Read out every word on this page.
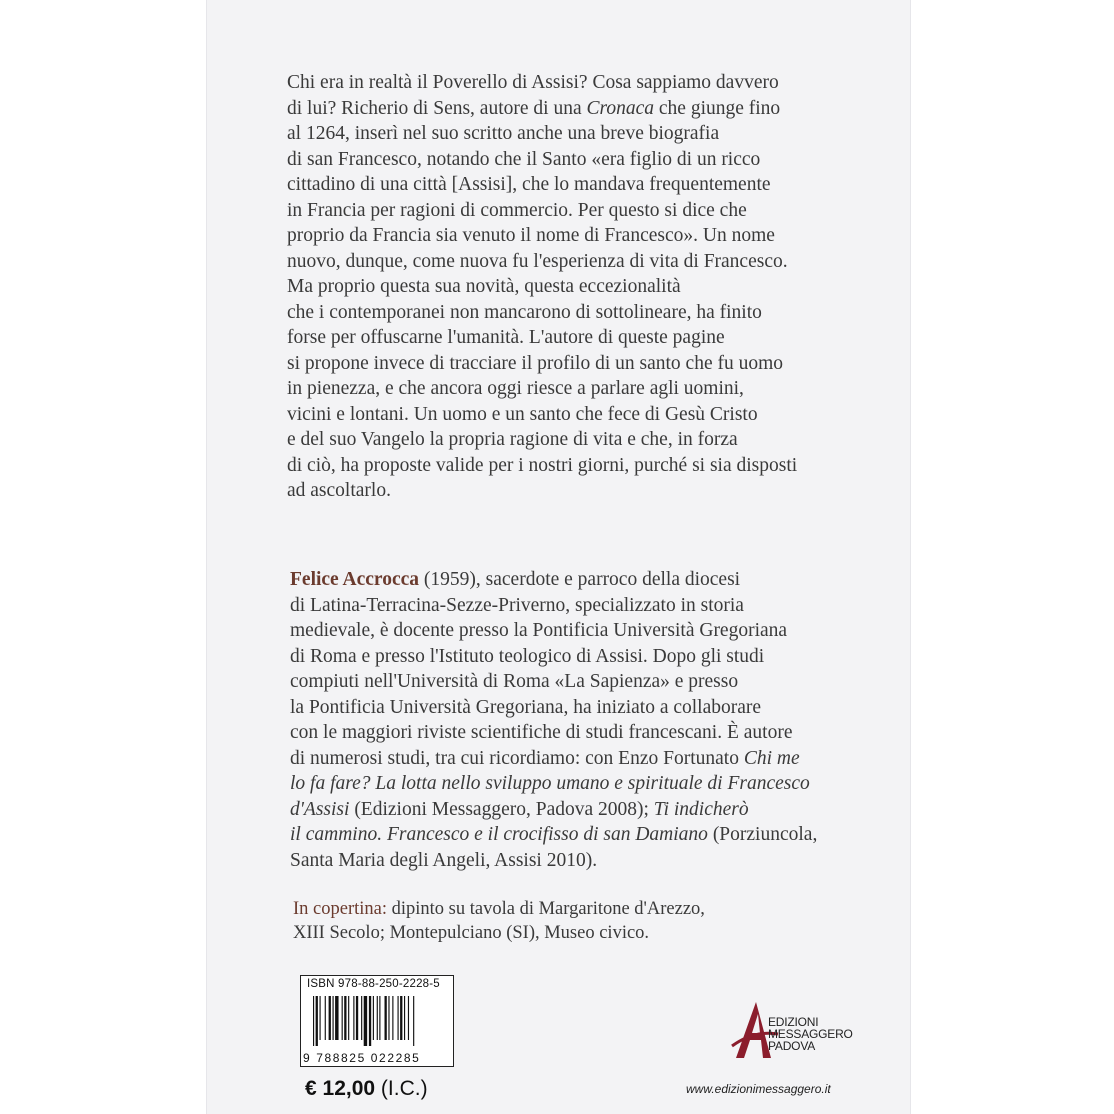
Chi era in realtà il Poverello di Assisi? Cosa sappiamo davvero
di lui? Richerio di Sens, autore di una Cronaca che giunge fino
al 1264, inserì nel suo scritto anche una breve biografia
di san Francesco, notando che il Santo «era figlio di un ricco
cittadino di una città [Assisi], che lo mandava frequentemente
in Francia per ragioni di commercio. Per questo si dice che
proprio da Francia sia venuto il nome di Francesco». Un nome
nuovo, dunque, come nuova fu l'esperienza di vita di Francesco.
Ma proprio questa sua novità, questa eccezionalità
che i contemporanei non mancarono di sottolineare, ha finito
forse per offuscarne l'umanità. L'autore di queste pagine
si propone invece di tracciare il profilo di un santo che fu uomo
in pienezza, e che ancora oggi riesce a parlare agli uomini,
vicini e lontani. Un uomo e un santo che fece di Gesù Cristo
e del suo Vangelo la propria ragione di vita e che, in forza
di ciò, ha proposte valide per i nostri giorni, purché si sia disposti
ad ascoltarlo.
Felice Accrocca (1959), sacerdote e parroco della diocesi
di Latina-Terracina-Sezze-Priverno, specializzato in storia
medievale, è docente presso la Pontificia Università Gregoriana
di Roma e presso l'Istituto teologico di Assisi. Dopo gli studi
compiuti nell'Università di Roma «La Sapienza» e presso
la Pontificia Università Gregoriana, ha iniziato a collaborare
con le maggiori riviste scientifiche di studi francescani. È autore
di numerosi studi, tra cui ricordiamo: con Enzo Fortunato Chi me
lo fa fare? La lotta nello sviluppo umano e spirituale di Francesco
d'Assisi (Edizioni Messaggero, Padova 2008); Ti indicherò
il cammino. Francesco e il crocifisso di san Damiano (Porziuncola,
Santa Maria degli Angeli, Assisi 2010).
In copertina: dipinto su tavola di Margaritone d'Arezzo,
XIII Secolo; Montepulciano (SI), Museo civico.
ISBN 978-88-250-2228-5
9 788825 022285
€ 12,00 (I.C.)
EDIZIONI
MESSAGGERO
PADOVA
www.edizionimessaggero.it
